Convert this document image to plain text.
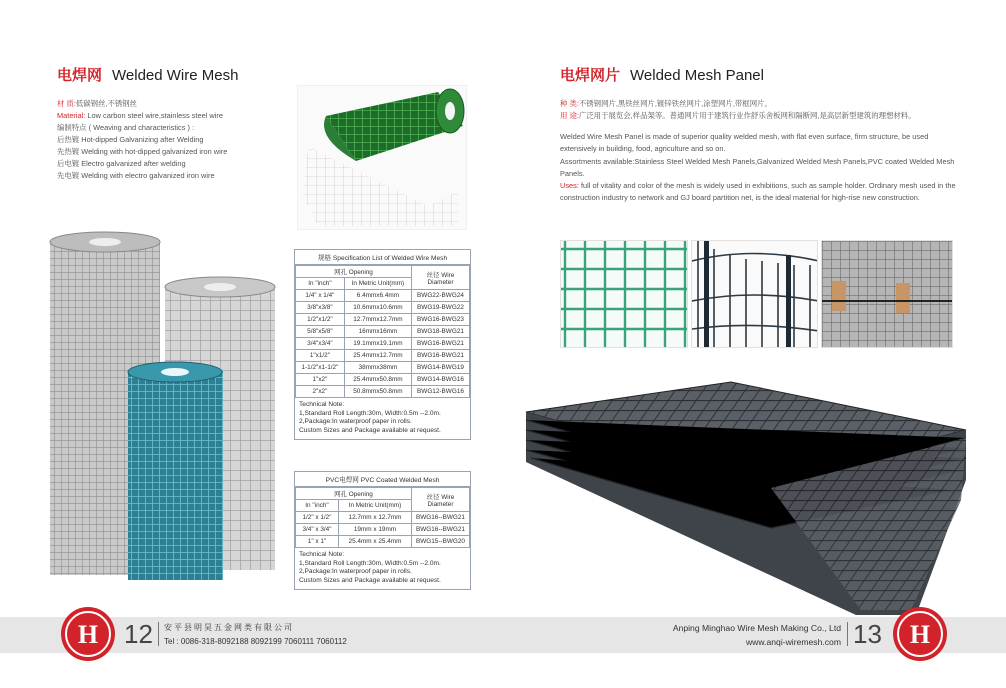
电焊网 Welded Wire Mesh
材 质:低碳钢丝,不锈钢丝
Material: Low carbon steel wire,stainless steel wire
编制特点 ( Weaving and characteristics ) :
后热镀 Hot-dipped Galvanizing after Welding
先热镀 Welding with hot-dipped galvanized iron wire
后电镀 Electro galvanized after welding
先电镀 Welding with electro galvanized iron wire
规格 Specification List of Welded Wire Mesh
网孔 Opening		丝径 Wire Diameter
In "inch"	In Metric Unit(mm)	
1/4" x 1/4"	6.4mmx6.4mm	BWG22-BWG24
3/8"x3/8"	10.6mmx10.6mm	BWG19-BWG22
1/2"x1/2"	12.7mmx12.7mm	BWG16-BWG23
5/8"x5/8"	16mmx16mm	BWG18-BWG21
3/4"x3/4"	19.1mmx19.1mm	BWG16-BWG21
1"x1/2"	25.4mmx12.7mm	BWG16-BWG21
1-1/2"x1-1/2"	38mmx38mm	BWG14-BWG19
1"x2"	25.4mmx50.8mm	BWG14-BWG16
2"x2"	50.8mmx50.8mm	BWG12-BWG16
Technical Note:
1,Standard Roll Length:30m, Width:0.5m --2.0m.
2,Package:In waterproof paper in rolls.
Custom Sizes and Package available at request.
PVC电焊网 PVC Coated Welded Mesh
网孔 Opening		丝径 Wire Diameter
In "inch"	In Metric Unit(mm)	
1/2" x 1/2"	12.7mm x 12.7mm	BWG16--BWG21
3/4" x 3/4"	19mm x 19mm	BWG16--BWG21
1" x 1"	25.4mm x 25.4mm	BWG15--BWG20
Technical Note:
1,Standard Roll Length:30m, Width:0.5m --2.0m.
2,Package:In waterproof paper in rolls.
Custom Sizes and Package available at request.
电焊网片 Welded Mesh Panel
种 类:不锈钢网片,黑铁丝网片,镀锌铁丝网片,涂塑网片,带框网片。
用 途:广泛用于展览会,样品架等。普通网片用于建筑行业作舒乐舍板网和隔断网,是高层新型建筑的理想材料。
Welded Wire Mesh Panel is made of superior quality welded mesh, with flat even surface, firm structure, be used extensively in building, food, agriculture and so on.
Assortments available:Stainless Steel Welded Mesh Panels,Galvanized Welded Mesh Panels,PVC coated Welded Mesh Panels.
Uses: full of vitality and color of the mesh is widely used in exhibitions, such as sample holder. Ordinary mesh used in the construction industry to network and GJ board partition net, is the ideal material for high-rise new construction.
H 12 安平县明昊五金网类有限公司
Tel : 0086-318-8092188 8092199 7060111 7060112
Anping Minghao Wire Mesh Making Co., Ltd
www.anqi-wiremesh.com 13 H
